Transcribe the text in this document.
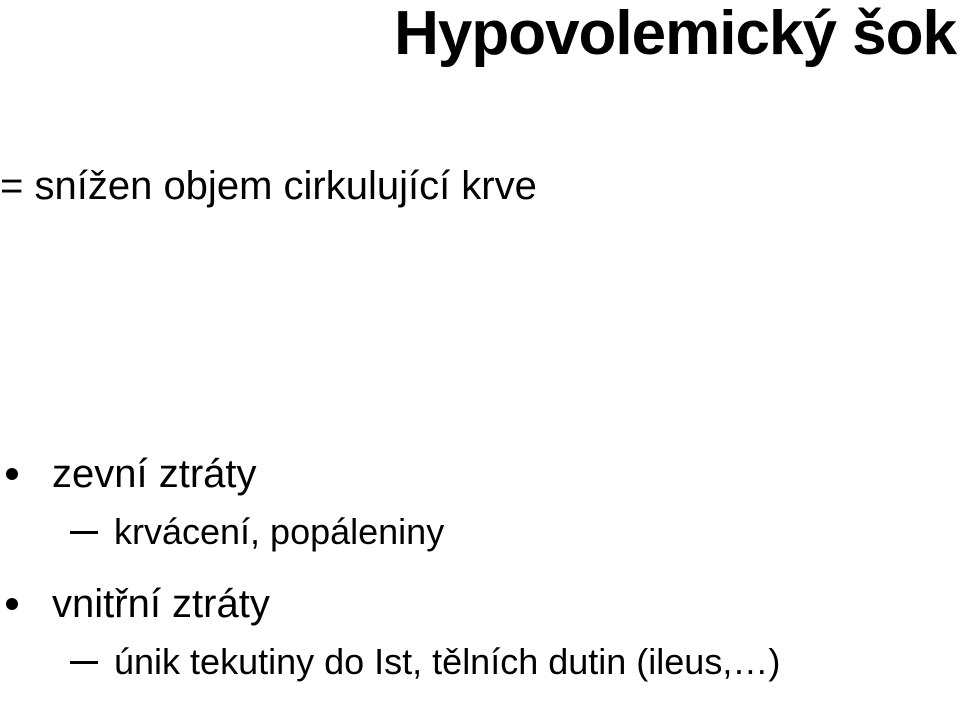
Hypovolemický šok

= snížen objem cirkulující krve

zevní ztráty
krvácení, popáleniny
vnitřní ztráty
únik tekutiny do Ist, tělních dutin (ileus,…)
